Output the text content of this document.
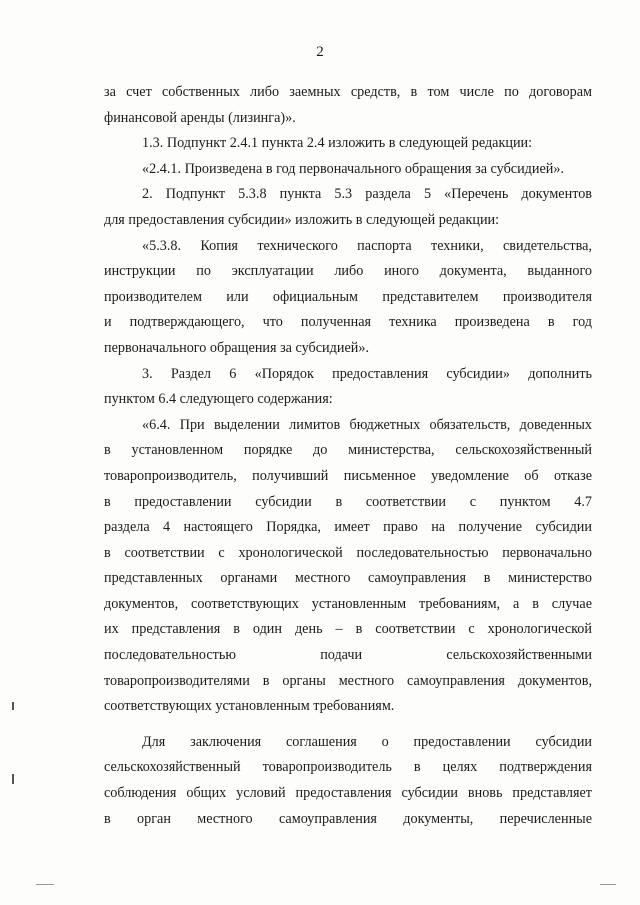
2
за счет собственных либо заемных средств, в том числе по договорам
финансовой аренды (лизинга)».
1.3. Подпункт 2.4.1 пункта 2.4 изложить в следующей редакции:
«2.4.1. Произведена в год первоначального обращения за субсидией».
2. Подпункт 5.3.8 пункта 5.3 раздела 5 «Перечень документов
для предоставления субсидии» изложить в следующей редакции:
«5.3.8. Копия технического паспорта техники, свидетельства,
инструкции по эксплуатации либо иного документа, выданного
производителем или официальным представителем производителя
и подтверждающего, что полученная техника произведена в год
первоначального обращения за субсидией».
3. Раздел 6 «Порядок предоставления субсидии» дополнить
пунктом 6.4 следующего содержания:
«6.4. При выделении лимитов бюджетных обязательств, доведенных
в установленном порядке до министерства, сельскохозяйственный
товаропроизводитель, получивший письменное уведомление об отказе
в предоставлении субсидии в соответствии с пунктом 4.7
раздела 4 настоящего Порядка, имеет право на получение субсидии
в соответствии с хронологической последовательностью первоначально
представленных органами местного самоуправления в министерство
документов, соответствующих установленным требованиям, а в случае
их представления в один день – в соответствии с хронологической
последовательностью подачи сельскохозяйственными
товаропроизводителями в органы местного самоуправления документов,
соответствующих установленным требованиям.
Для заключения соглашения о предоставлении субсидии
сельскохозяйственный товаропроизводитель в целях подтверждения
соблюдения общих условий предоставления субсидии вновь представляет
в орган местного самоуправления документы, перечисленные
